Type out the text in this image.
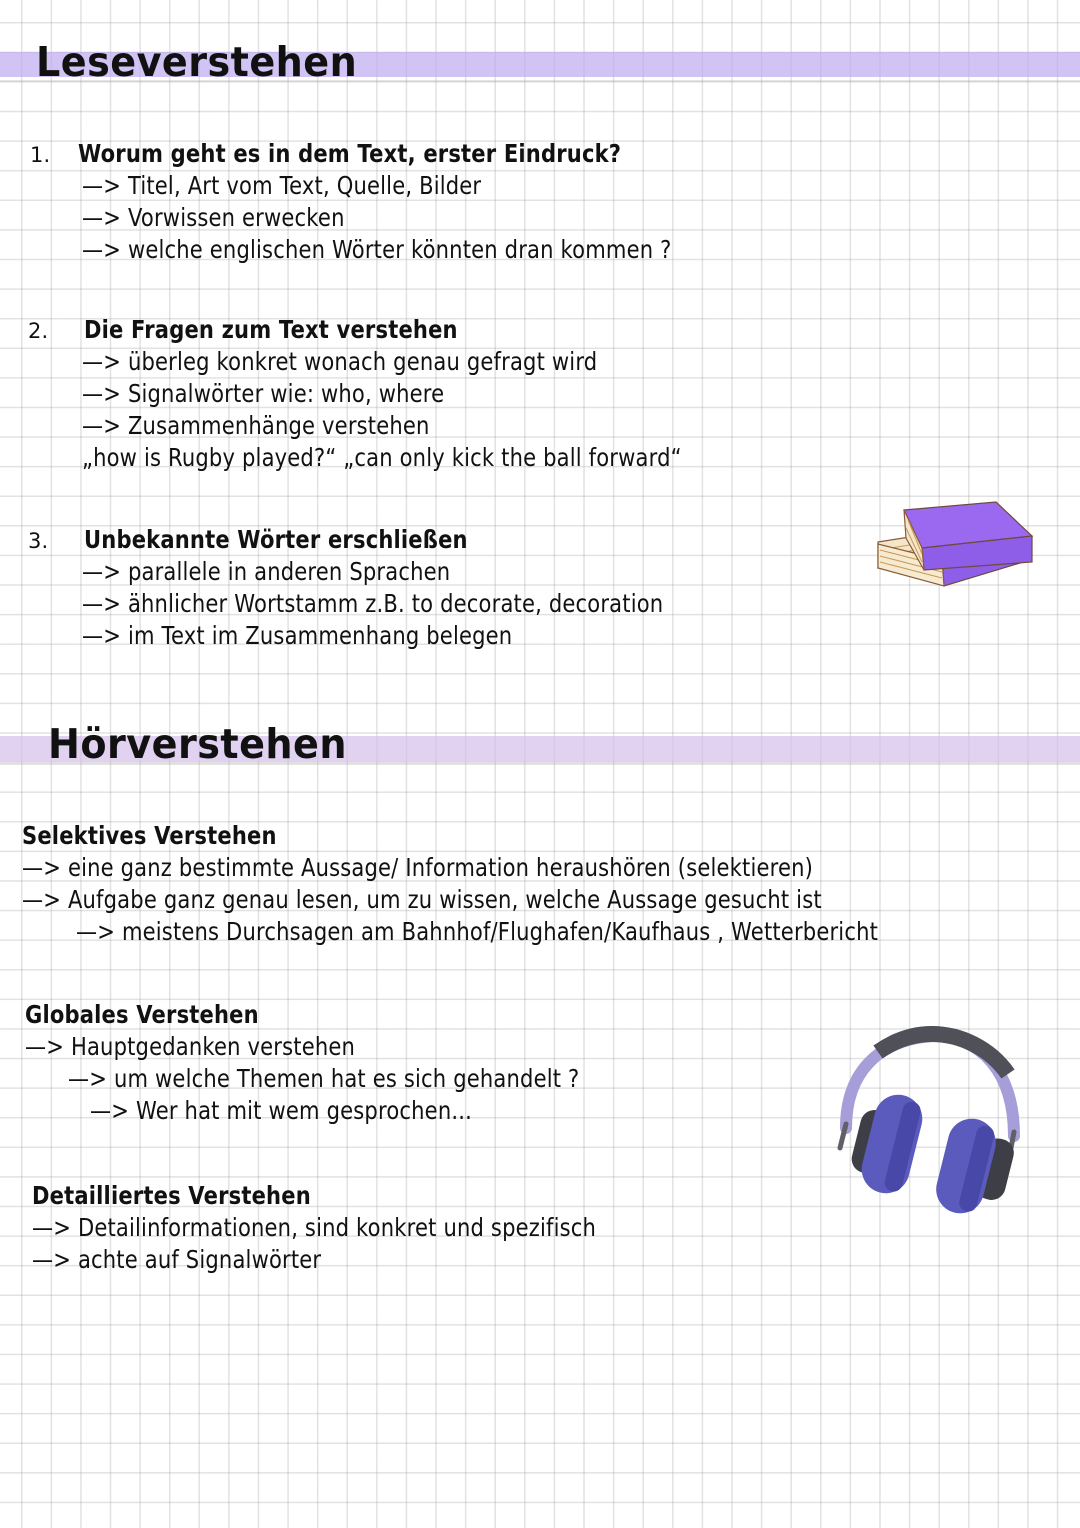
Leseverstehen
1. Worum geht es in dem Text, erster Eindruck?
—> Titel, Art vom Text, Quelle, Bilder
—> Vorwissen erwecken
—> welche englischen Wörter könnten dran kommen ?
2. Die Fragen zum Text verstehen
—> überleg konkret wonach genau gefragt wird
—> Signalwörter wie: who, where
—> Zusammenhänge verstehen
„how is Rugby played?“ „can only kick the ball forward“
3. Unbekannte Wörter erschließen
—> parallele in anderen Sprachen
—> ähnlicher Wortstamm z.B. to decorate, decoration
—> im Text im Zusammenhang belegen
Hörverstehen
Selektives Verstehen
—> eine ganz bestimmte Aussage/ Information heraushören (selektieren)
—> Aufgabe ganz genau lesen, um zu wissen, welche Aussage gesucht ist
—> meistens Durchsagen am Bahnhof/Flughafen/Kaufhaus , Wetterbericht
Globales Verstehen
—> Hauptgedanken verstehen
—> um welche Themen hat es sich gehandelt ?
—> Wer hat mit wem gesprochen...
Detailliertes Verstehen
—> Detailinformationen, sind konkret und spezifisch
—> achte auf Signalwörter
